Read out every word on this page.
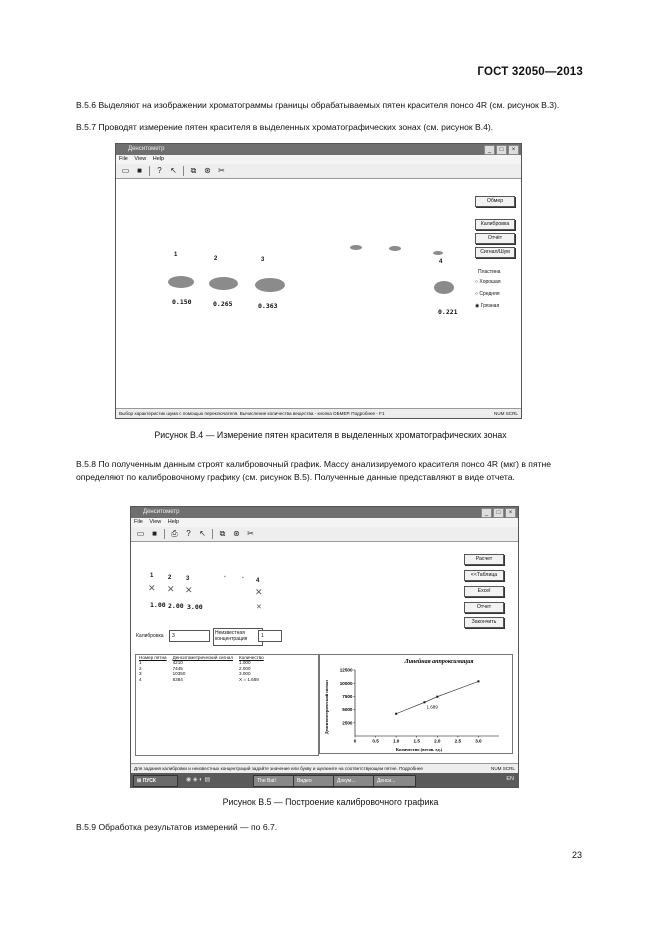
ГОСТ 32050—2013
B.5.6 Выделяют на изображении хроматограммы границы обрабатываемых пятен красителя понсо 4R (см. рисунок B.3).
B.5.7 Проводят измерение пятен красителя в выделенных хроматографических зонах (см. рисунок B.4).
Денситометр	_	□	×
File View Help
▭ ■	?	↖	⧉ ⊛ ✂
1
2	3	4
0.150	0.265	0.363
0.221
Обмер
Калибровка
Отчёт
Сигнал/Шум
Пластина
○ Хорошая
○ Средняя
◉ Грязная
Выбор характеристик шума с помощью переключателя. Вычисление количества вещества - кнопка ОБМЕР. Подробнее - F1	NUM SCRL
Рисунок B.4 — Измерение пятен красителя в выделенных хроматографических зонах
B.5.8 По полученным данным строят калибровочный график. Массу анализируемого красителя понсо 4R (мкг) в пятне определяют по калибровочному графику (см. рисунок B.5). Полученные данные представляют в виде отчета.
Денситометр	_	□	×
File View Help
▭ ■	⎙	?	↖	⧉ ⊛ ✂
1 2 3	4
✕ ✕ ✕	✕
✕
▪	▪
1.00 2.00 3.00
Расчет
<<Таблица
Excel
Отчет
Закончить
Калибровка	3	Неизвестная концентрация	1
Номер пятна	Денситометрический сигнал	Количество
1	4210	1.000
2	7445	2.000
3	10350	3.000
4	6384	X = 1.689
Линейная аппроксимация
Денситометрический сигнал
Количество (весов. ед.)
2500
5000
7500
10000
12500
0	0.5	1.0	1.5	2.0	2.5	3.0
1.689
Для задания калибровки и неизвестных концентраций задайте значение или букву и щелкните на соответствующем пятне. Подробнее	NUM SCRL
⊞ ПУСК	◉ ◈ ◐ ▤	The Bat!	Видео	Докум...	Денси...	EN
Рисунок B.5 — Построение калибровочного графика
B.5.9 Обработка результатов измерений — по 6.7.
23
